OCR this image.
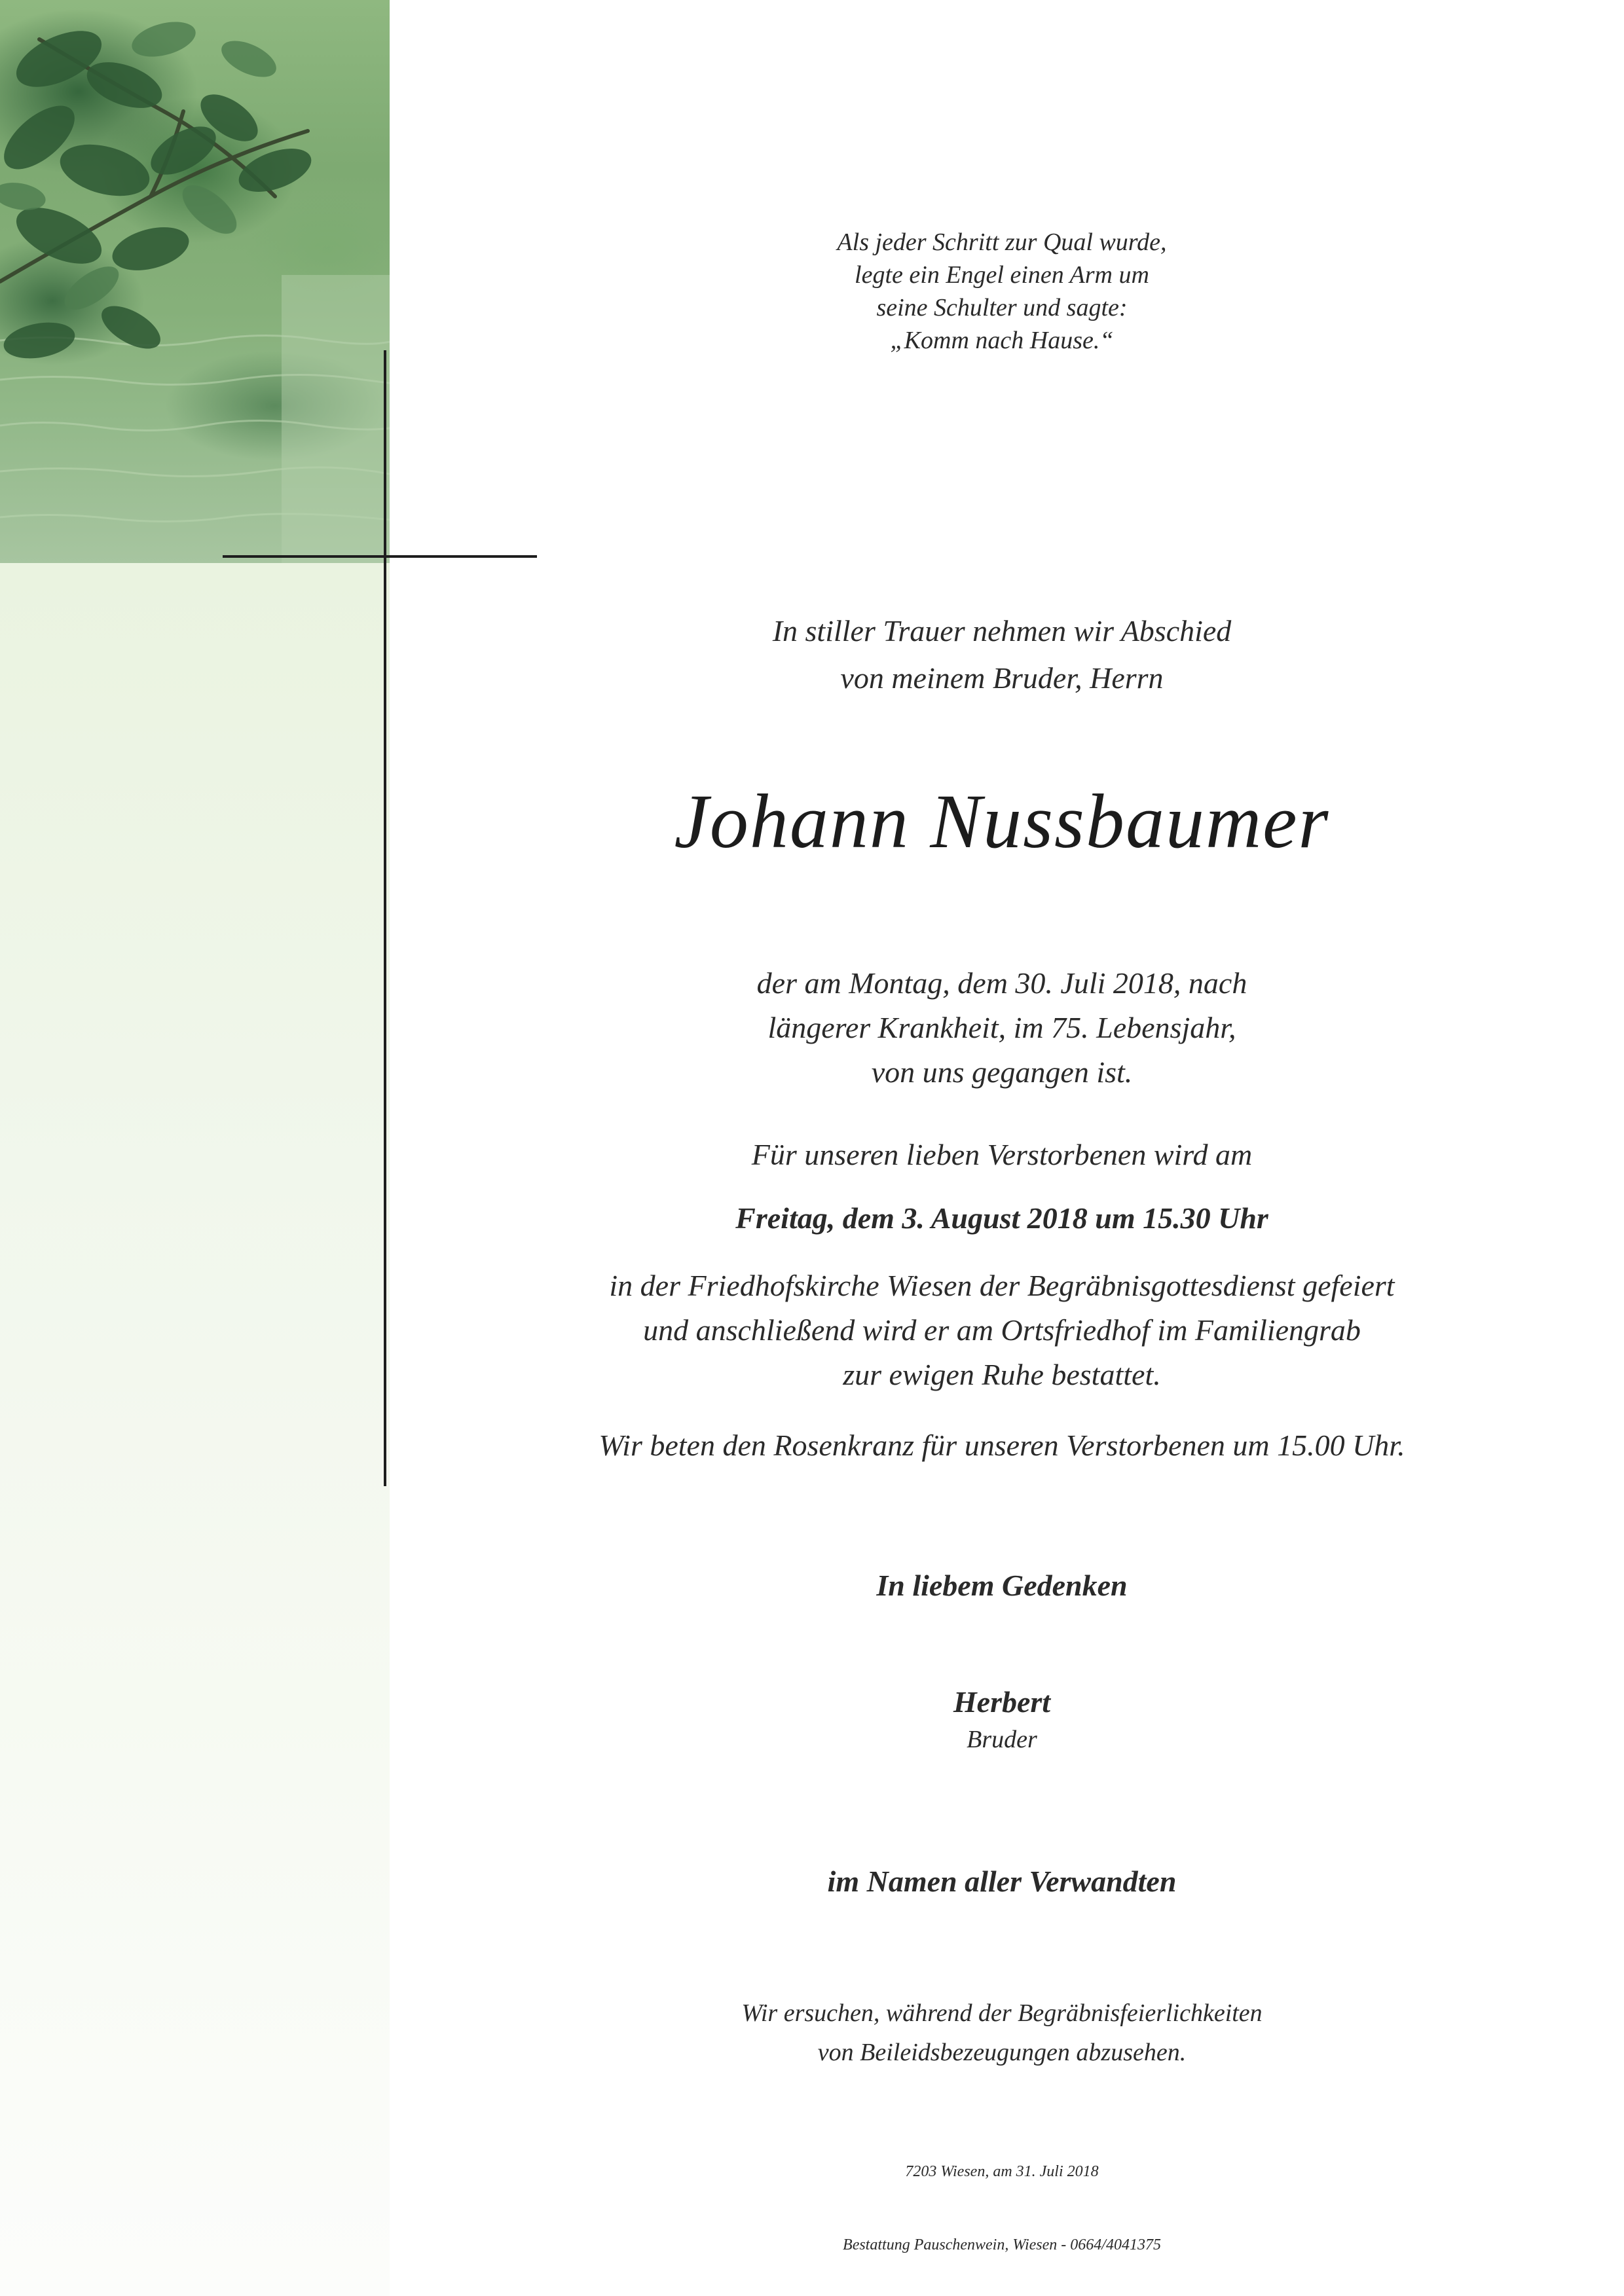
Als jeder Schritt zur Qual wurde,
legte ein Engel einen Arm um
seine Schulter und sagte:
„Komm nach Hause.“
In stiller Trauer nehmen wir Abschied
von meinem Bruder, Herrn
Johann Nussbaumer
der am Montag, dem 30. Juli 2018, nach
längerer Krankheit, im 75. Lebensjahr,
von uns gegangen ist.
Für unseren lieben Verstorbenen wird am
Freitag, dem 3. August 2018 um 15.30 Uhr
in der Friedhofskirche Wiesen der Begräbnisgottesdienst gefeiert
und anschließend wird er am Ortsfriedhof im Familiengrab
zur ewigen Ruhe bestattet.
Wir beten den Rosenkranz für unseren Verstorbenen um 15.00 Uhr.
In liebem Gedenken
Herbert
Bruder
im Namen aller Verwandten
Wir ersuchen, während der Begräbnisfeierlichkeiten
von Beileidsbezeugungen abzusehen.
7203 Wiesen, am 31. Juli 2018
Bestattung Pauschenwein, Wiesen - 0664/4041375
